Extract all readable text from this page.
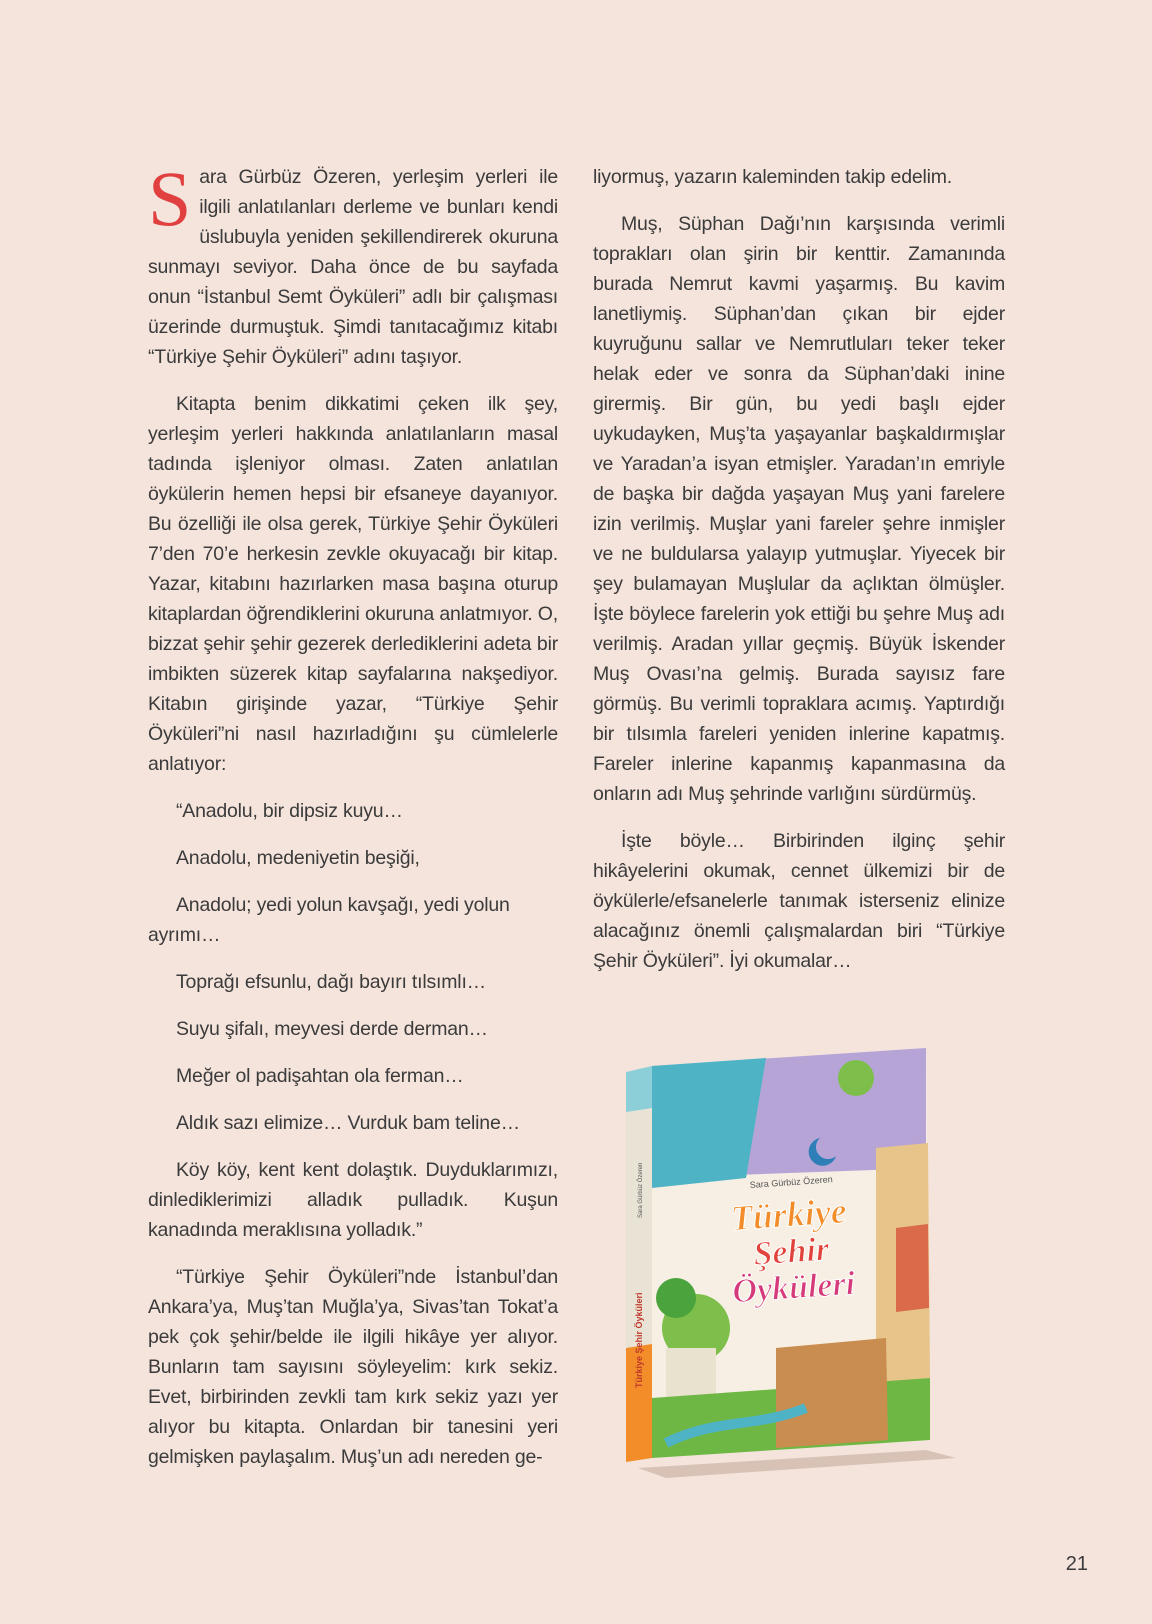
Sara Gürbüz Özeren, yerleşim yerleri ile ilgili anlatılanları derleme ve bunları kendi üslubuyla yeniden şekillendirerek okuruna sunmayı seviyor. Daha önce de bu sayfada onun “İstanbul Semt Öyküleri” adlı bir çalışması üzerinde durmuştuk. Şimdi tanıtacağımız kitabı “Türkiye Şehir Öyküleri” adını taşıyor.

Kitapta benim dikkatimi çeken ilk şey, yerleşim yerleri hakkında anlatılanların masal tadında işleniyor olması. Zaten anlatılan öykülerin hemen hepsi bir efsaneye dayanıyor. Bu özelliği ile olsa gerek, Türkiye Şehir Öyküleri 7’den 70’e herkesin zevkle okuyacağı bir kitap. Yazar, kitabını hazırlarken masa başına oturup kitaplardan öğrendiklerini okuruna anlatmıyor. O, bizzat şehir şehir gezerek derlediklerini adeta bir imbikten süzerek kitap sayfalarına nakşediyor. Kitabın girişinde yazar, “Türkiye Şehir Öyküleri”ni nasıl hazırladığını şu cümlelerle anlatıyor:

“Anadolu, bir dipsiz kuyu…

Anadolu, medeniyetin beşiği,

Anadolu; yedi yolun kavşağı, yedi yolun ayrımı…

Toprağı efsunlu, dağı bayırı tılsımlı…

Suyu şifalı, meyvesi derde derman…

Meğer ol padişahtan ola ferman…

Aldık sazı elimize… Vurduk bam teline…

Köy köy, kent kent dolaştık. Duyduklarımızı, dinlediklerimizi alladık pulladık. Kuşun kanadında meraklısına yolladık.”

“Türkiye Şehir Öyküleri”nde İstanbul’dan Ankara’ya, Muş’tan Muğla’ya, Sivas’tan Tokat’a pek çok şehir/belde ile ilgili hikâye yer alıyor. Bunların tam sayısını söyleyelim: kırk sekiz. Evet, birbirinden zevkli tam kırk sekiz yazı yer alıyor bu kitapta. Onlardan bir tanesini yeri gelmişken paylaşalım. Muş’un adı nereden ge-

liyormuş, yazarın kaleminden takip edelim.

Muş, Süphan Dağı’nın karşısında verimli toprakları olan şirin bir kenttir. Zamanında burada Nemrut kavmi yaşarmış. Bu kavim lanetliymiş. Süphan’dan çıkan bir ejder kuyruğunu sallar ve Nemrutluları teker teker helak eder ve sonra da Süphan’daki inine girermiş. Bir gün, bu yedi başlı ejder uykudayken, Muş’ta yaşayanlar başkaldırmışlar ve Yaradan’a isyan etmişler. Yaradan’ın emriyle de başka bir dağda yaşayan Muş yani farelere izin verilmiş. Muşlar yani fareler şehre inmişler ve ne buldularsa yalayıp yutmuşlar. Yiyecek bir şey bulamayan Muşlular da açlıktan ölmüşler. İşte böylece farelerin yok ettiği bu şehre Muş adı verilmiş. Aradan yıllar geçmiş. Büyük İskender Muş Ovası’na gelmiş. Burada sayısız fare görmüş. Bu verimli topraklara acımış. Yaptırdığı bir tılsımla fareleri yeniden inlerine kapatmış. Fareler inlerine kapanmış kapanmasına da onların adı Muş şehrinde varlığını sürdürmüş.

İşte böyle… Birbirinden ilginç şehir hikâyelerini okumak, cennet ülkemizi bir de öykülerle/efsanelerle tanımak isterseniz elinize alacağınız önemli çalışmalardan biri “Türkiye Şehir Öyküleri”. İyi okumalar…

Sara Gürbüz Özeren
Türkiye
Şehir
Öyküleri
Türkiye Şehir Öyküleri
Sara Gürbüz Özeren
21
